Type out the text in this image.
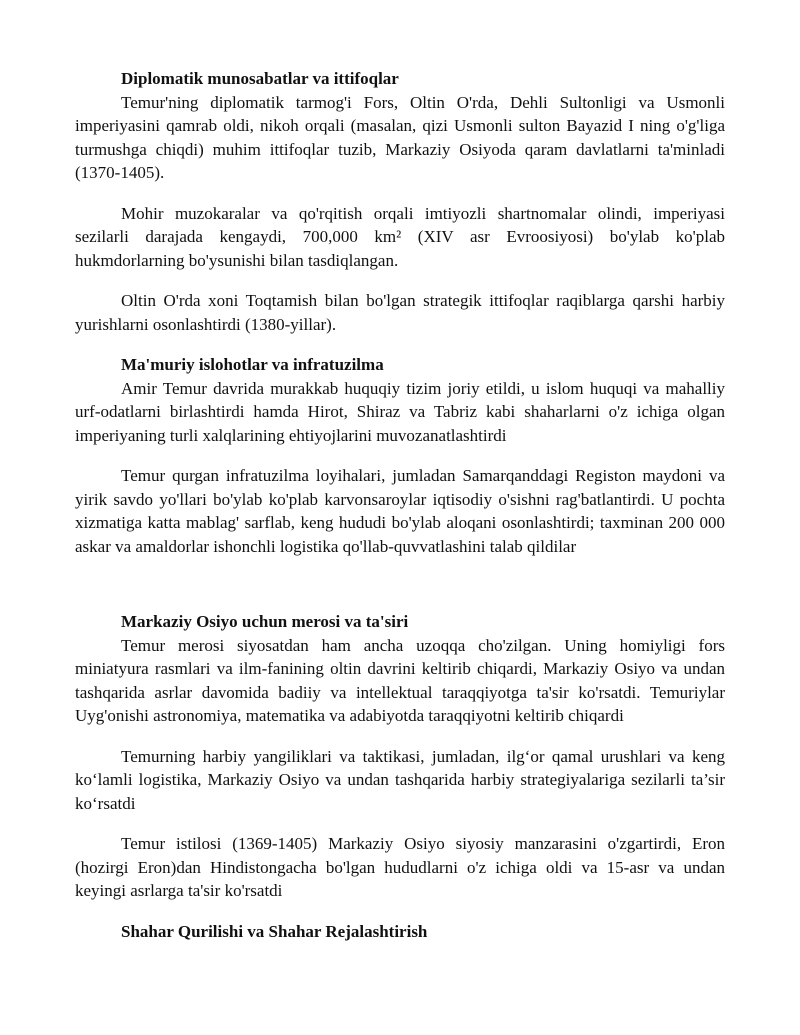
Diplomatik munosabatlar va ittifoqlar

Temur'ning diplomatik tarmog'i Fors, Oltin O'rda, Dehli Sultonligi va Usmonli imperiyasini qamrab oldi, nikoh orqali (masalan, qizi Usmonli sulton Bayazid I ning o'g'liga turmushga chiqdi) muhim ittifoqlar tuzib, Markaziy Osiyoda qaram davlatlarni ta'minladi (1370-1405).

Mohir muzokaralar va qo'rqitish orqali imtiyozli shartnomalar olindi, imperiyasi sezilarli darajada kengaydi, 700,000 km² (XIV asr Evroosiyosi) bo'ylab ko'plab hukmdorlarning bo'ysunishi bilan tasdiqlangan.

Oltin O'rda xoni Toqtamish bilan bo'lgan strategik ittifoqlar raqiblarga qarshi harbiy yurishlarni osonlashtirdi (1380-yillar).

Ma'muriy islohotlar va infratuzilma

Amir Temur davrida murakkab huquqiy tizim joriy etildi, u islom huquqi va mahalliy urf-odatlarni birlashtirdi hamda Hirot, Shiraz va Tabriz kabi shaharlarni o'z ichiga olgan imperiyaning turli xalqlarining ehtiyojlarini muvozanatlashtirdi

Temur qurgan infratuzilma loyihalari, jumladan Samarqanddagi Registon maydoni va yirik savdo yo'llari bo'ylab ko'plab karvonsaroylar iqtisodiy o'sishni rag'batlantirdi. U pochta xizmatiga katta mablag' sarflab, keng hududi bo'ylab aloqani osonlashtirdi; taxminan 200 000 askar va amaldorlar ishonchli logistika qo'llab-quvvatlashini talab qildilar

Markaziy Osiyo uchun merosi va ta'siri

Temur merosi siyosatdan ham ancha uzoqqa cho'zilgan. Uning homiyligi fors miniatyura rasmlari va ilm-fanining oltin davrini keltirib chiqardi, Markaziy Osiyo va undan tashqarida asrlar davomida badiiy va intellektual taraqqiyotga ta'sir ko'rsatdi. Temuriylar Uyg'onishi astronomiya, matematika va adabiyotda taraqqiyotni keltirib chiqardi

Temurning harbiy yangiliklari va taktikasi, jumladan, ilg‘or qamal urushlari va keng ko‘lamli logistika, Markaziy Osiyo va undan tashqarida harbiy strategiyalariga sezilarli ta’sir ko‘rsatdi

Temur istilosi (1369-1405) Markaziy Osiyo siyosiy manzarasini o'zgartirdi, Eron (hozirgi Eron)dan Hindistongacha bo'lgan hududlarni o'z ichiga oldi va 15-asr va undan keyingi asrlarga ta'sir ko'rsatdi

Shahar Qurilishi va Shahar Rejalashtirish
